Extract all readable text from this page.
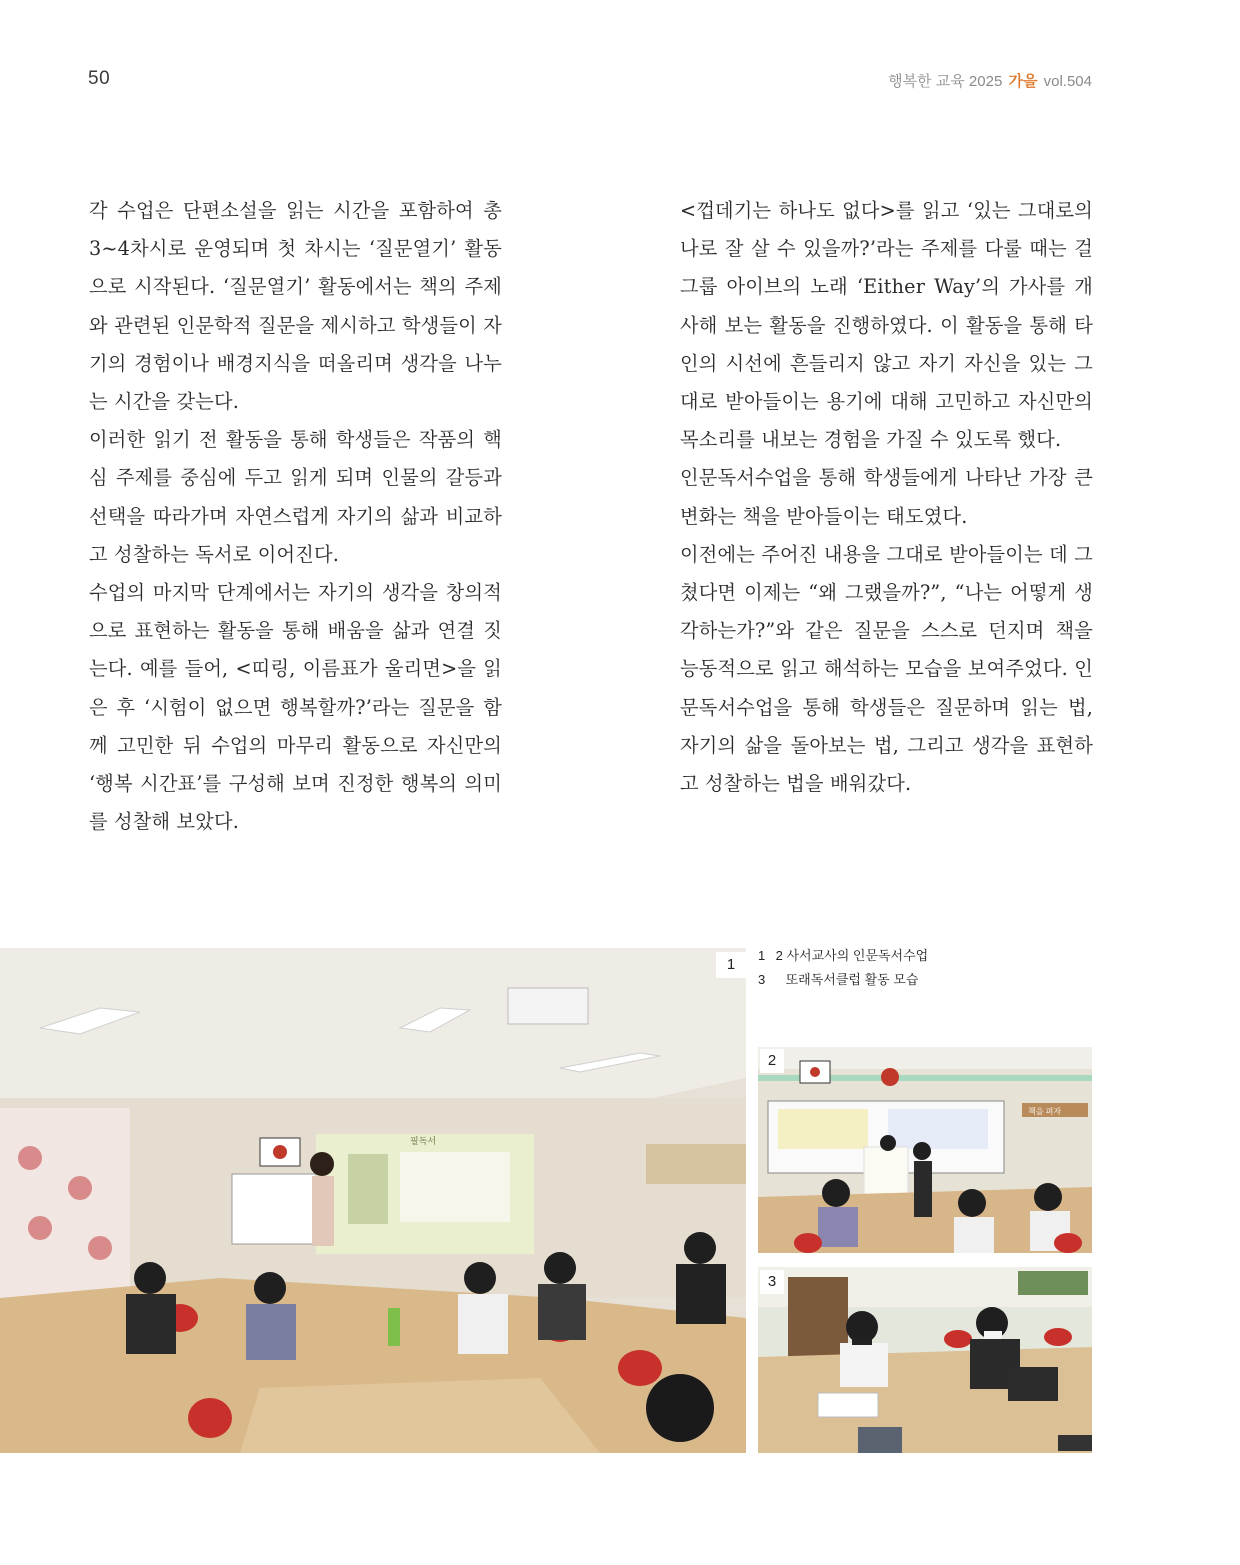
50	행복한 교육 2025 가을 vol.504

각 수업은 단편소설을 읽는 시간을 포함하여 총 3~4차시로 운영되며 첫 차시는 ‘질문열기’ 활동으로 시작된다. ‘질문열기’ 활동에서는 책의 주제와 관련된 인문학적 질문을 제시하고 학생들이 자기의 경험이나 배경지식을 떠올리며 생각을 나누는 시간을 갖는다.

이러한 읽기 전 활동을 통해 학생들은 작품의 핵심 주제를 중심에 두고 읽게 되며 인물의 갈등과 선택을 따라가며 자연스럽게 자기의 삶과 비교하고 성찰하는 독서로 이어진다.

수업의 마지막 단계에서는 자기의 생각을 창의적으로 표현하는 활동을 통해 배움을 삶과 연결 짓는다. 예를 들어, <띠링, 이름표가 울리면>을 읽은 후 ‘시험이 없으면 행복할까?’라는 질문을 함께 고민한 뒤 수업의 마무리 활동으로 자신만의 ‘행복 시간표’를 구성해 보며 진정한 행복의 의미를 성찰해 보았다.

<껍데기는 하나도 없다>를 읽고 ‘있는 그대로의 나로 잘 살 수 있을까?’라는 주제를 다룰 때는 걸그룹 아이브의 노래 ‘Either Way’의 가사를 개사해 보는 활동을 진행하였다. 이 활동을 통해 타인의 시선에 흔들리지 않고 자기 자신을 있는 그대로 받아들이는 용기에 대해 고민하고 자신만의 목소리를 내보는 경험을 가질 수 있도록 했다.

인문독서수업을 통해 학생들에게 나타난 가장 큰 변화는 책을 받아들이는 태도였다.

이전에는 주어진 내용을 그대로 받아들이는 데 그쳤다면 이제는 “왜 그랬을까?”, “나는 어떻게 생각하는가?”와 같은 질문을 스스로 던지며 책을 능동적으로 읽고 해석하는 모습을 보여주었다. 인문독서수업을 통해 학생들은 질문하며 읽는 법, 자기의 삶을 돌아보는 법, 그리고 생각을 표현하고 성찰하는 법을 배워갔다.

필독서
1
1 2 사서교사의 인문독서수업
3 또래독서클럽 활동 모습
책을 펴자
2
3
